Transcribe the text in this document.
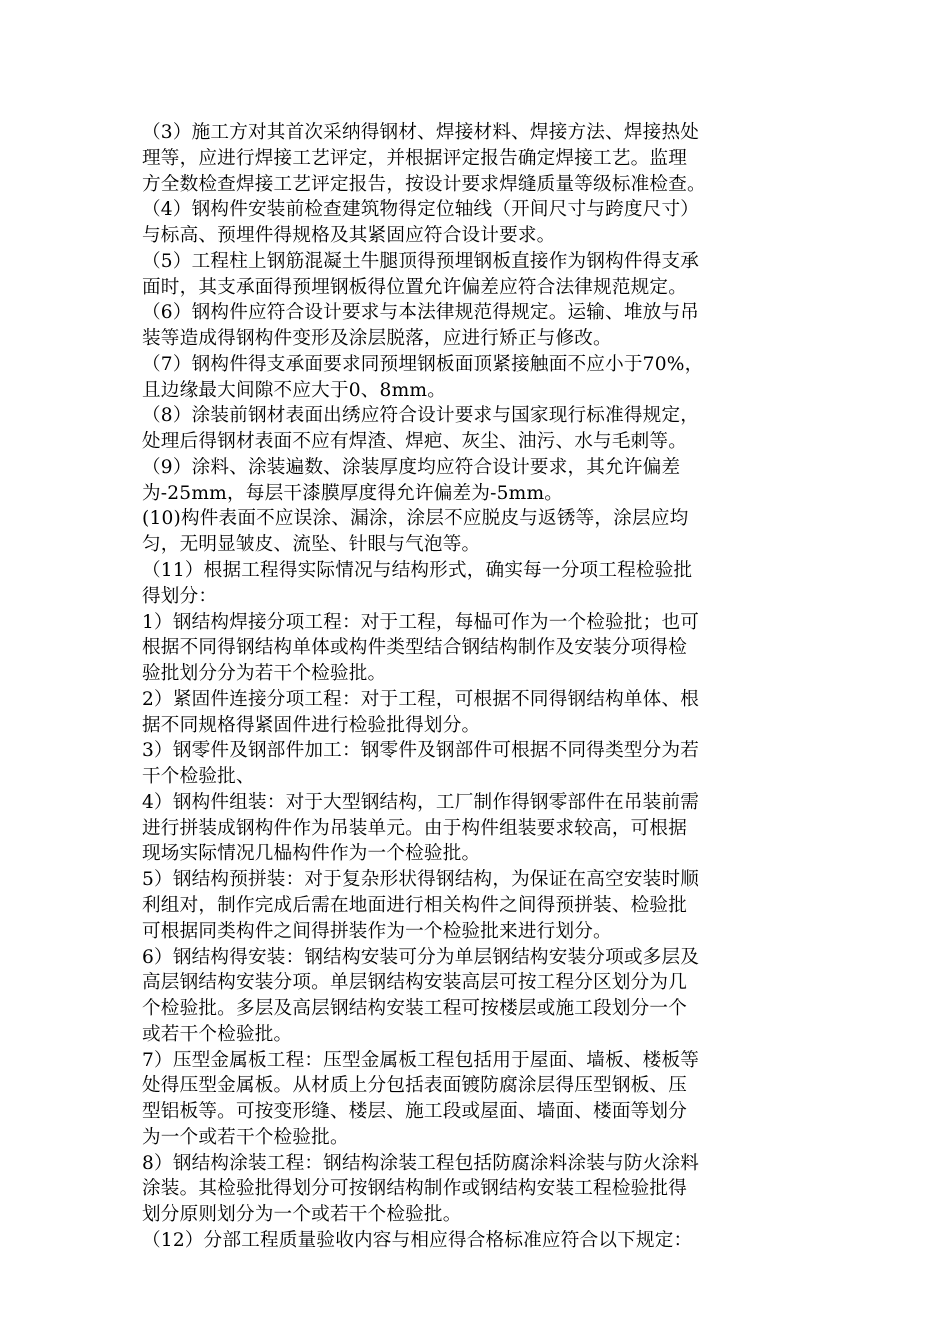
（3）施工方对其首次采纳得钢材、焊接材料、焊接方法、焊接热处
理等，应进行焊接工艺评定，并根据评定报告确定焊接工艺。监理
方全数检查焊接工艺评定报告，按设计要求焊缝质量等级标准检查。
（4）钢构件安装前检查建筑物得定位轴线（开间尺寸与跨度尺寸）
与标高、预埋件得规格及其紧固应符合设计要求。
（5）工程柱上钢筋混凝土牛腿顶得预埋钢板直接作为钢构件得支承
面时，其支承面得预埋钢板得位置允许偏差应符合法律规范规定。
（6）钢构件应符合设计要求与本法律规范得规定。运输、堆放与吊
装等造成得钢构件变形及涂层脱落，应进行矫正与修改。
（7）钢构件得支承面要求同预埋钢板面顶紧接触面不应小于70%，
且边缘最大间隙不应大于0、8mm。
（8）涂装前钢材表面出绣应符合设计要求与国家现行标准得规定，
处理后得钢材表面不应有焊渣、焊疤、灰尘、油污、水与毛刺等。
（9）涂料、涂装遍数、涂装厚度均应符合设计要求，其允许偏差
为-25mm，每层干漆膜厚度得允许偏差为-5mm。
(10)构件表面不应误涂、漏涂，涂层不应脱皮与返锈等，涂层应均
匀，无明显皱皮、流坠、针眼与气泡等。
（11）根据工程得实际情况与结构形式，确实每一分项工程检验批
得划分：
1）钢结构焊接分项工程：对于工程，每榀可作为一个检验批；也可
根据不同得钢结构单体或构件类型结合钢结构制作及安装分项得检
验批划分分为若干个检验批。
2）紧固件连接分项工程：对于工程，可根据不同得钢结构单体、根
据不同规格得紧固件进行检验批得划分。
3）钢零件及钢部件加工：钢零件及钢部件可根据不同得类型分为若
干个检验批、
4）钢构件组装：对于大型钢结构，工厂制作得钢零部件在吊装前需
进行拼装成钢构件作为吊装单元。由于构件组装要求较高，可根据
现场实际情况几榀构件作为一个检验批。
5）钢结构预拼装：对于复杂形状得钢结构，为保证在高空安装时顺
利组对，制作完成后需在地面进行相关构件之间得预拼装、检验批
可根据同类构件之间得拼装作为一个检验批来进行划分。
6）钢结构得安装：钢结构安装可分为单层钢结构安装分项或多层及
高层钢结构安装分项。单层钢结构安装高层可按工程分区划分为几
个检验批。多层及高层钢结构安装工程可按楼层或施工段划分一个
或若干个检验批。
7）压型金属板工程：压型金属板工程包括用于屋面、墙板、楼板等
处得压型金属板。从材质上分包括表面镀防腐涂层得压型钢板、压
型铝板等。可按变形缝、楼层、施工段或屋面、墙面、楼面等划分
为一个或若干个检验批。
8）钢结构涂装工程：钢结构涂装工程包括防腐涂料涂装与防火涂料
涂装。其检验批得划分可按钢结构制作或钢结构安装工程检验批得
划分原则划分为一个或若干个检验批。
（12）分部工程质量验收内容与相应得合格标准应符合以下规定：
